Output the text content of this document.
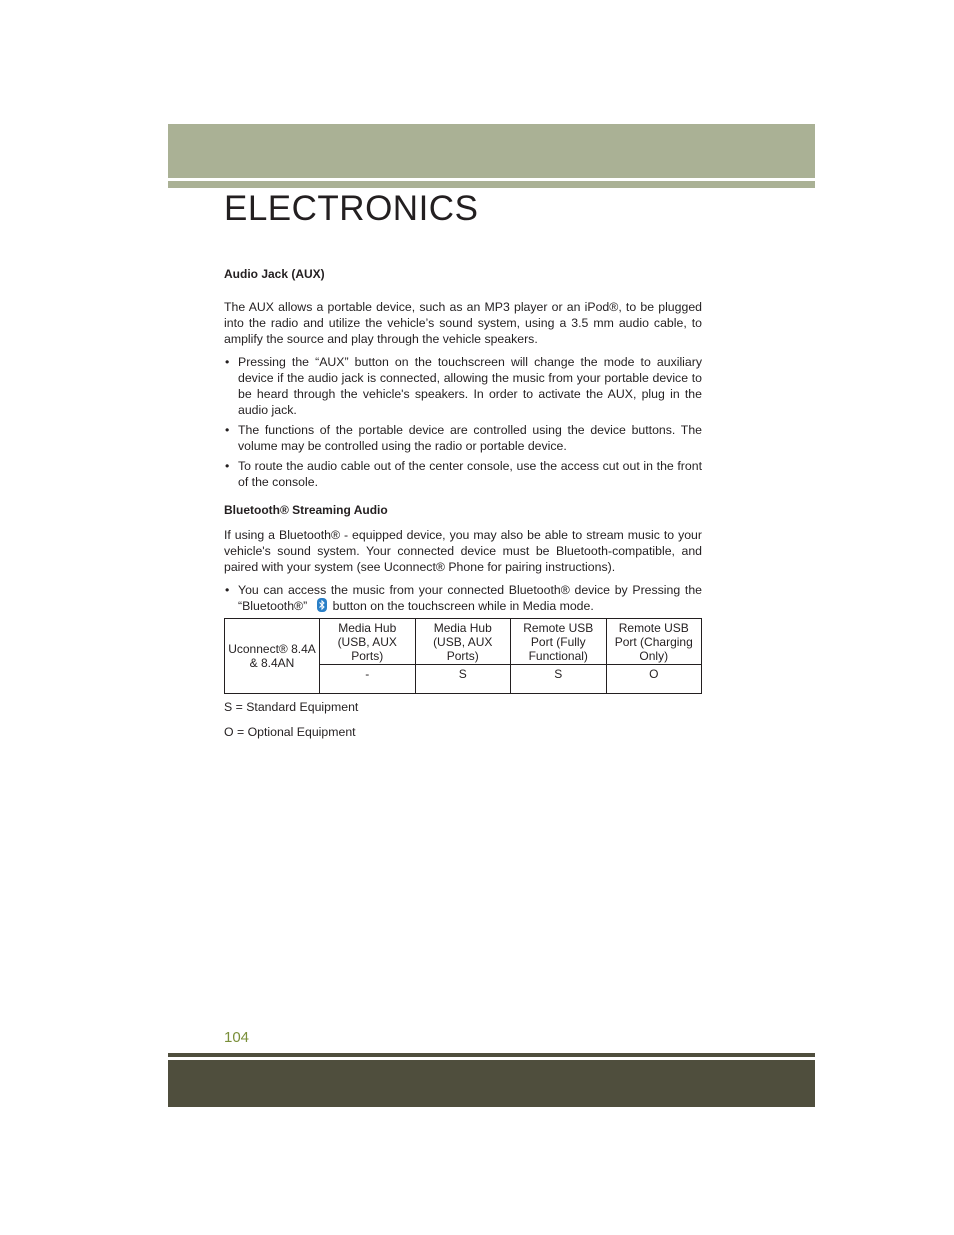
ELECTRONICS

Audio Jack (AUX)

The AUX allows a portable device, such as an MP3 player or an iPod®, to be plugged into the radio and utilize the vehicle’s sound system, using a 3.5 mm audio cable, to amplify the source and play through the vehicle speakers.

• Pressing the “AUX” button on the touchscreen will change the mode to auxiliary device if the audio jack is connected, allowing the music from your portable device to be heard through the vehicle's speakers. In order to activate the AUX, plug in the audio jack.
• The functions of the portable device are controlled using the device buttons. The volume may be controlled using the radio or portable device.
• To route the audio cable out of the center console, use the access cut out in the front of the console.

Bluetooth® Streaming Audio

If using a Bluetooth® - equipped device, you may also be able to stream music to your vehicle's sound system. Your connected device must be Bluetooth-compatible, and paired with your system (see Uconnect® Phone for pairing instructions).

• You can access the music from your connected Bluetooth® device by Pressing the “Bluetooth®” button on the touchscreen while in Media mode.
Uconnect® 8.4A & 8.4AN	Media Hub (USB, AUX Ports)	Media Hub (USB, AUX Ports)	Remote USB Port (Fully Functional)	Remote USB Port (Charging Only)
	-	S	S	O

S = Standard Equipment

O = Optional Equipment

104
